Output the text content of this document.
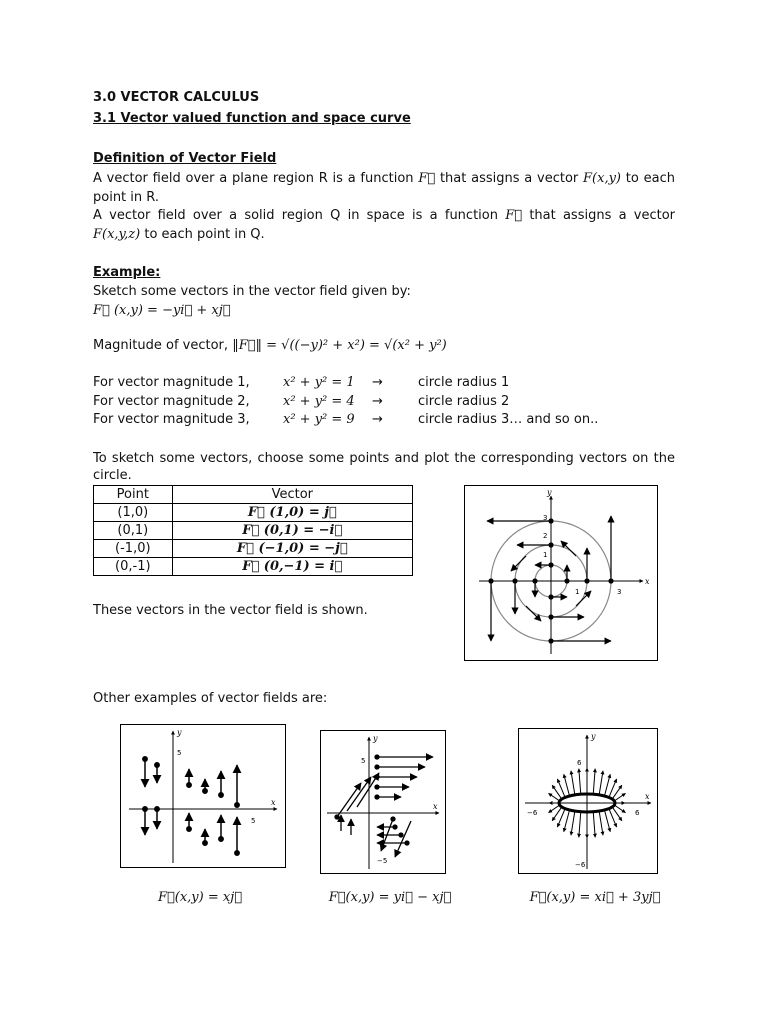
3.0 VECTOR CALCULUS
3.1 Vector valued function and space curve
Definition of Vector Field
A vector field over a plane region R is a function F⃗ that assigns a vector F(x,y) to each
point in R.
A vector field over a solid region Q in space is a function F⃗ that assigns a vector
F(x,y,z) to each point in Q.
Example:
Sketch some vectors in the vector field given by:
F⃗ (x,y) = −yi⃗ + xj⃗
Magnitude of vector, ‖F⃗‖ = √((−y)² + x²) = √(x² + y²)
For vector magnitude 1,	x² + y² = 1 →	circle radius 1
For vector magnitude 2,	x² + y² = 4 →	circle radius 2
For vector magnitude 3,	x² + y² = 9 →	circle radius 3… and so on..
To sketch some vectors, choose some points and plot the corresponding vectors on the
circle.
Point	Vector
(1,0)	F⃗ (1,0) = j⃗
(0,1)	F⃗ (0,1) = −i⃗
(-1,0)	F⃗ (−1,0) = −j⃗
(0,-1)	F⃗ (0,−1) = i⃗
These vectors in the vector field is shown.
x
y
1
2
3
1	3
Other examples of vector fields are:
x
y
5
5
x
y
5
−5
x
y
6
−6
−6	6
F⃗(x,y) = xj⃗	F⃗(x,y) = yi⃗ − xj⃗	F⃗(x,y) = xi⃗ + 3yj⃗
